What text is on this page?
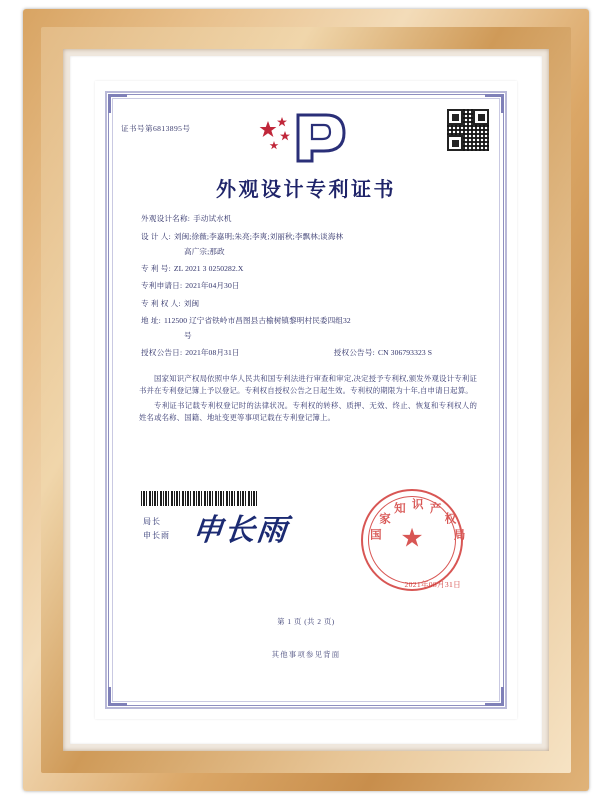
证书号第6813895号
外观设计专利证书
外观设计名称: 手动试水机
设 计 人: 刘闽;徐薇;李嘉明;朱亮;李爽;刘丽秋;李飘林;谈海林
高广宗;那政
专 利 号: ZL 2021 3 0250282.X
专利申请日: 2021年04月30日
专 利 权 人: 刘闽
地 址: 112500 辽宁省铁岭市昌图县古榆树镇黎明村民委四组32
号
授权公告日: 2021年08月31日	授权公告号: CN 306793323 S

国家知识产权局依照中华人民共和国专利法进行审查和审定,决定授予专利权,颁发外观设计专利证书并在专利登记簿上予以登记。专利权自授权公告之日起生效。专利权的期限为十年,自申请日起算。

专利证书记载专利权登记时的法律状况。专利权的转移、质押、无效、终止、恢复和专利权人的姓名或名称、国籍、地址变更等事项记载在专利登记簿上。

局长
申长雨 申长雨	★
国
家
知 识 产
权
局
2021年08月31日
第 1 页 (共 2 页)
其他事项参见背面
